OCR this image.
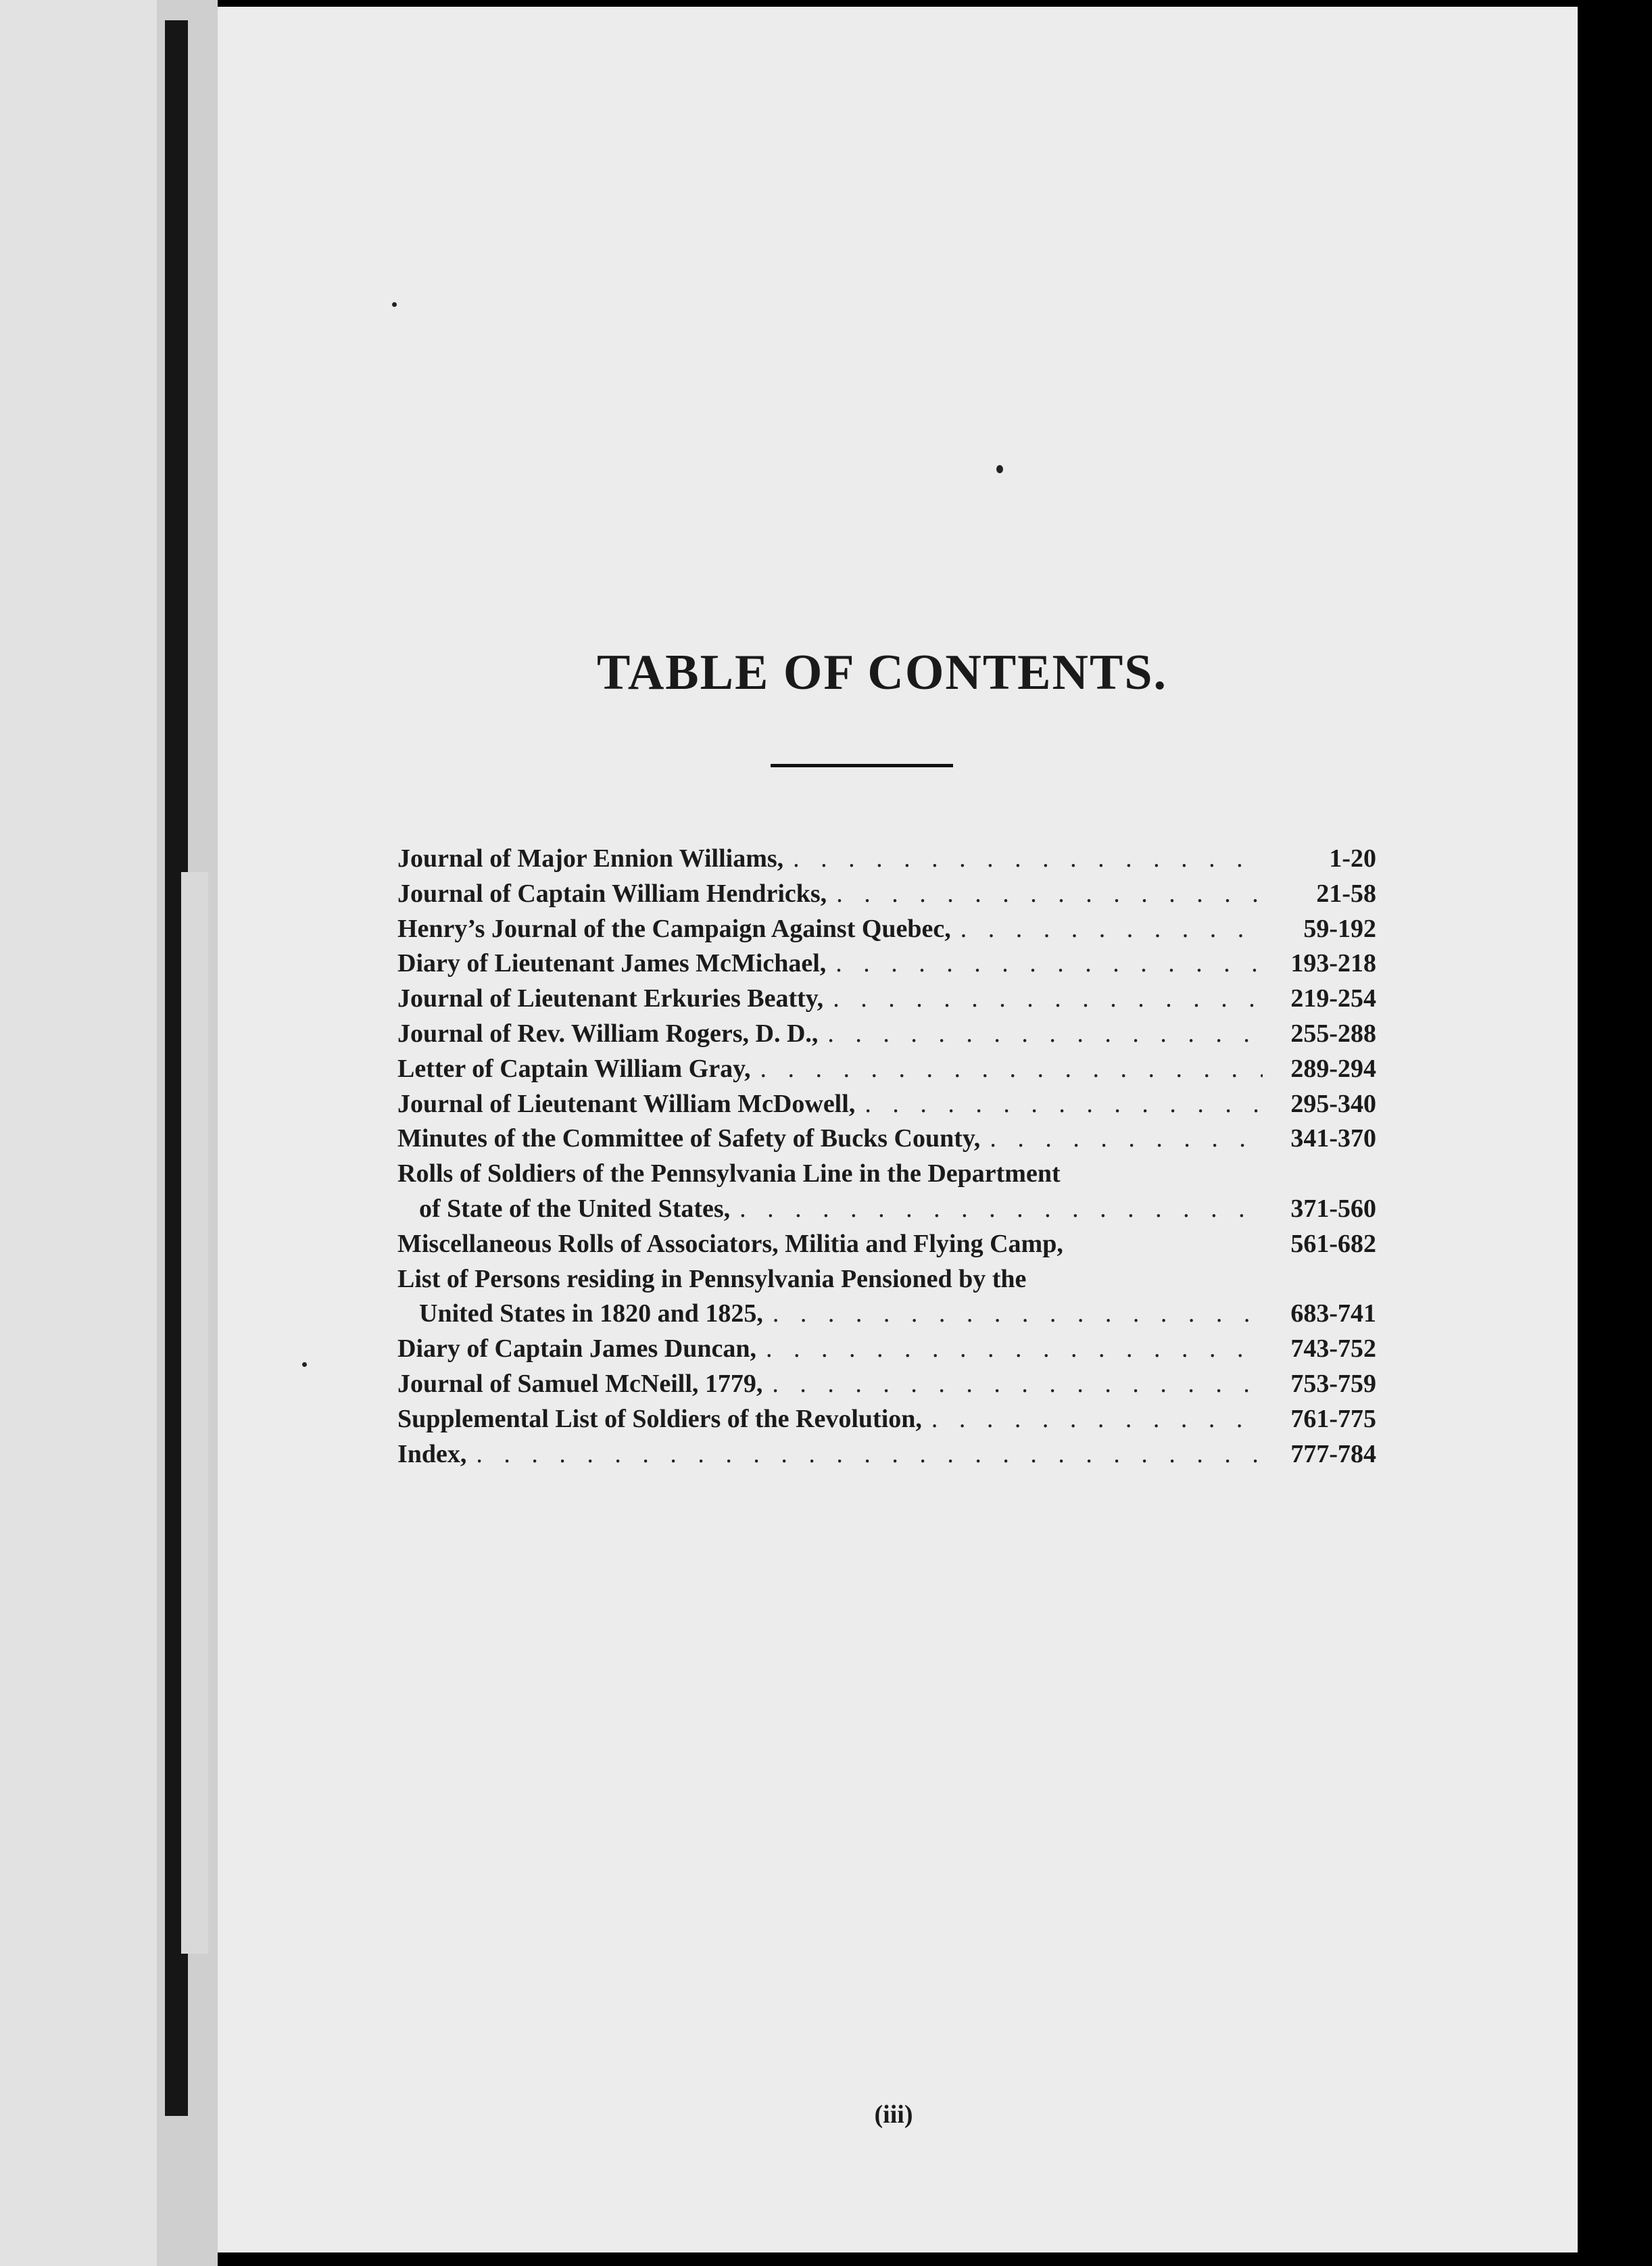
TABLE OF CONTENTS.
Journal of Major Ennion Williams, . . .	1-20
Journal of Captain William Hendricks, . . .	21-58
Henry’s Journal of the Campaign Against Quebec, . . .	59-192
Diary of Lieutenant James McMichael, . . .	193-218
Journal of Lieutenant Erkuries Beatty, . . .	219-254
Journal of Rev. William Rogers, D. D., . . .	255-288
Letter of Captain William Gray, . . .	289-294
Journal of Lieutenant William McDowell, . . .	295-340
Minutes of the Committee of Safety of Bucks County, . . .	341-370
Rolls of Soldiers of the Pennsylvania Line in the Department
of State of the United States, . . .	371-560
Miscellaneous Rolls of Associators, Militia and Flying Camp,	561-682
List of Persons residing in Pennsylvania Pensioned by the
United States in 1820 and 1825, . . .	683-741
Diary of Captain James Duncan, . . .	743-752
Journal of Samuel McNeill, 1779, . . .	753-759
Supplemental List of Soldiers of the Revolution, . . .	761-775
Index, . . .	777-784
(iii)
